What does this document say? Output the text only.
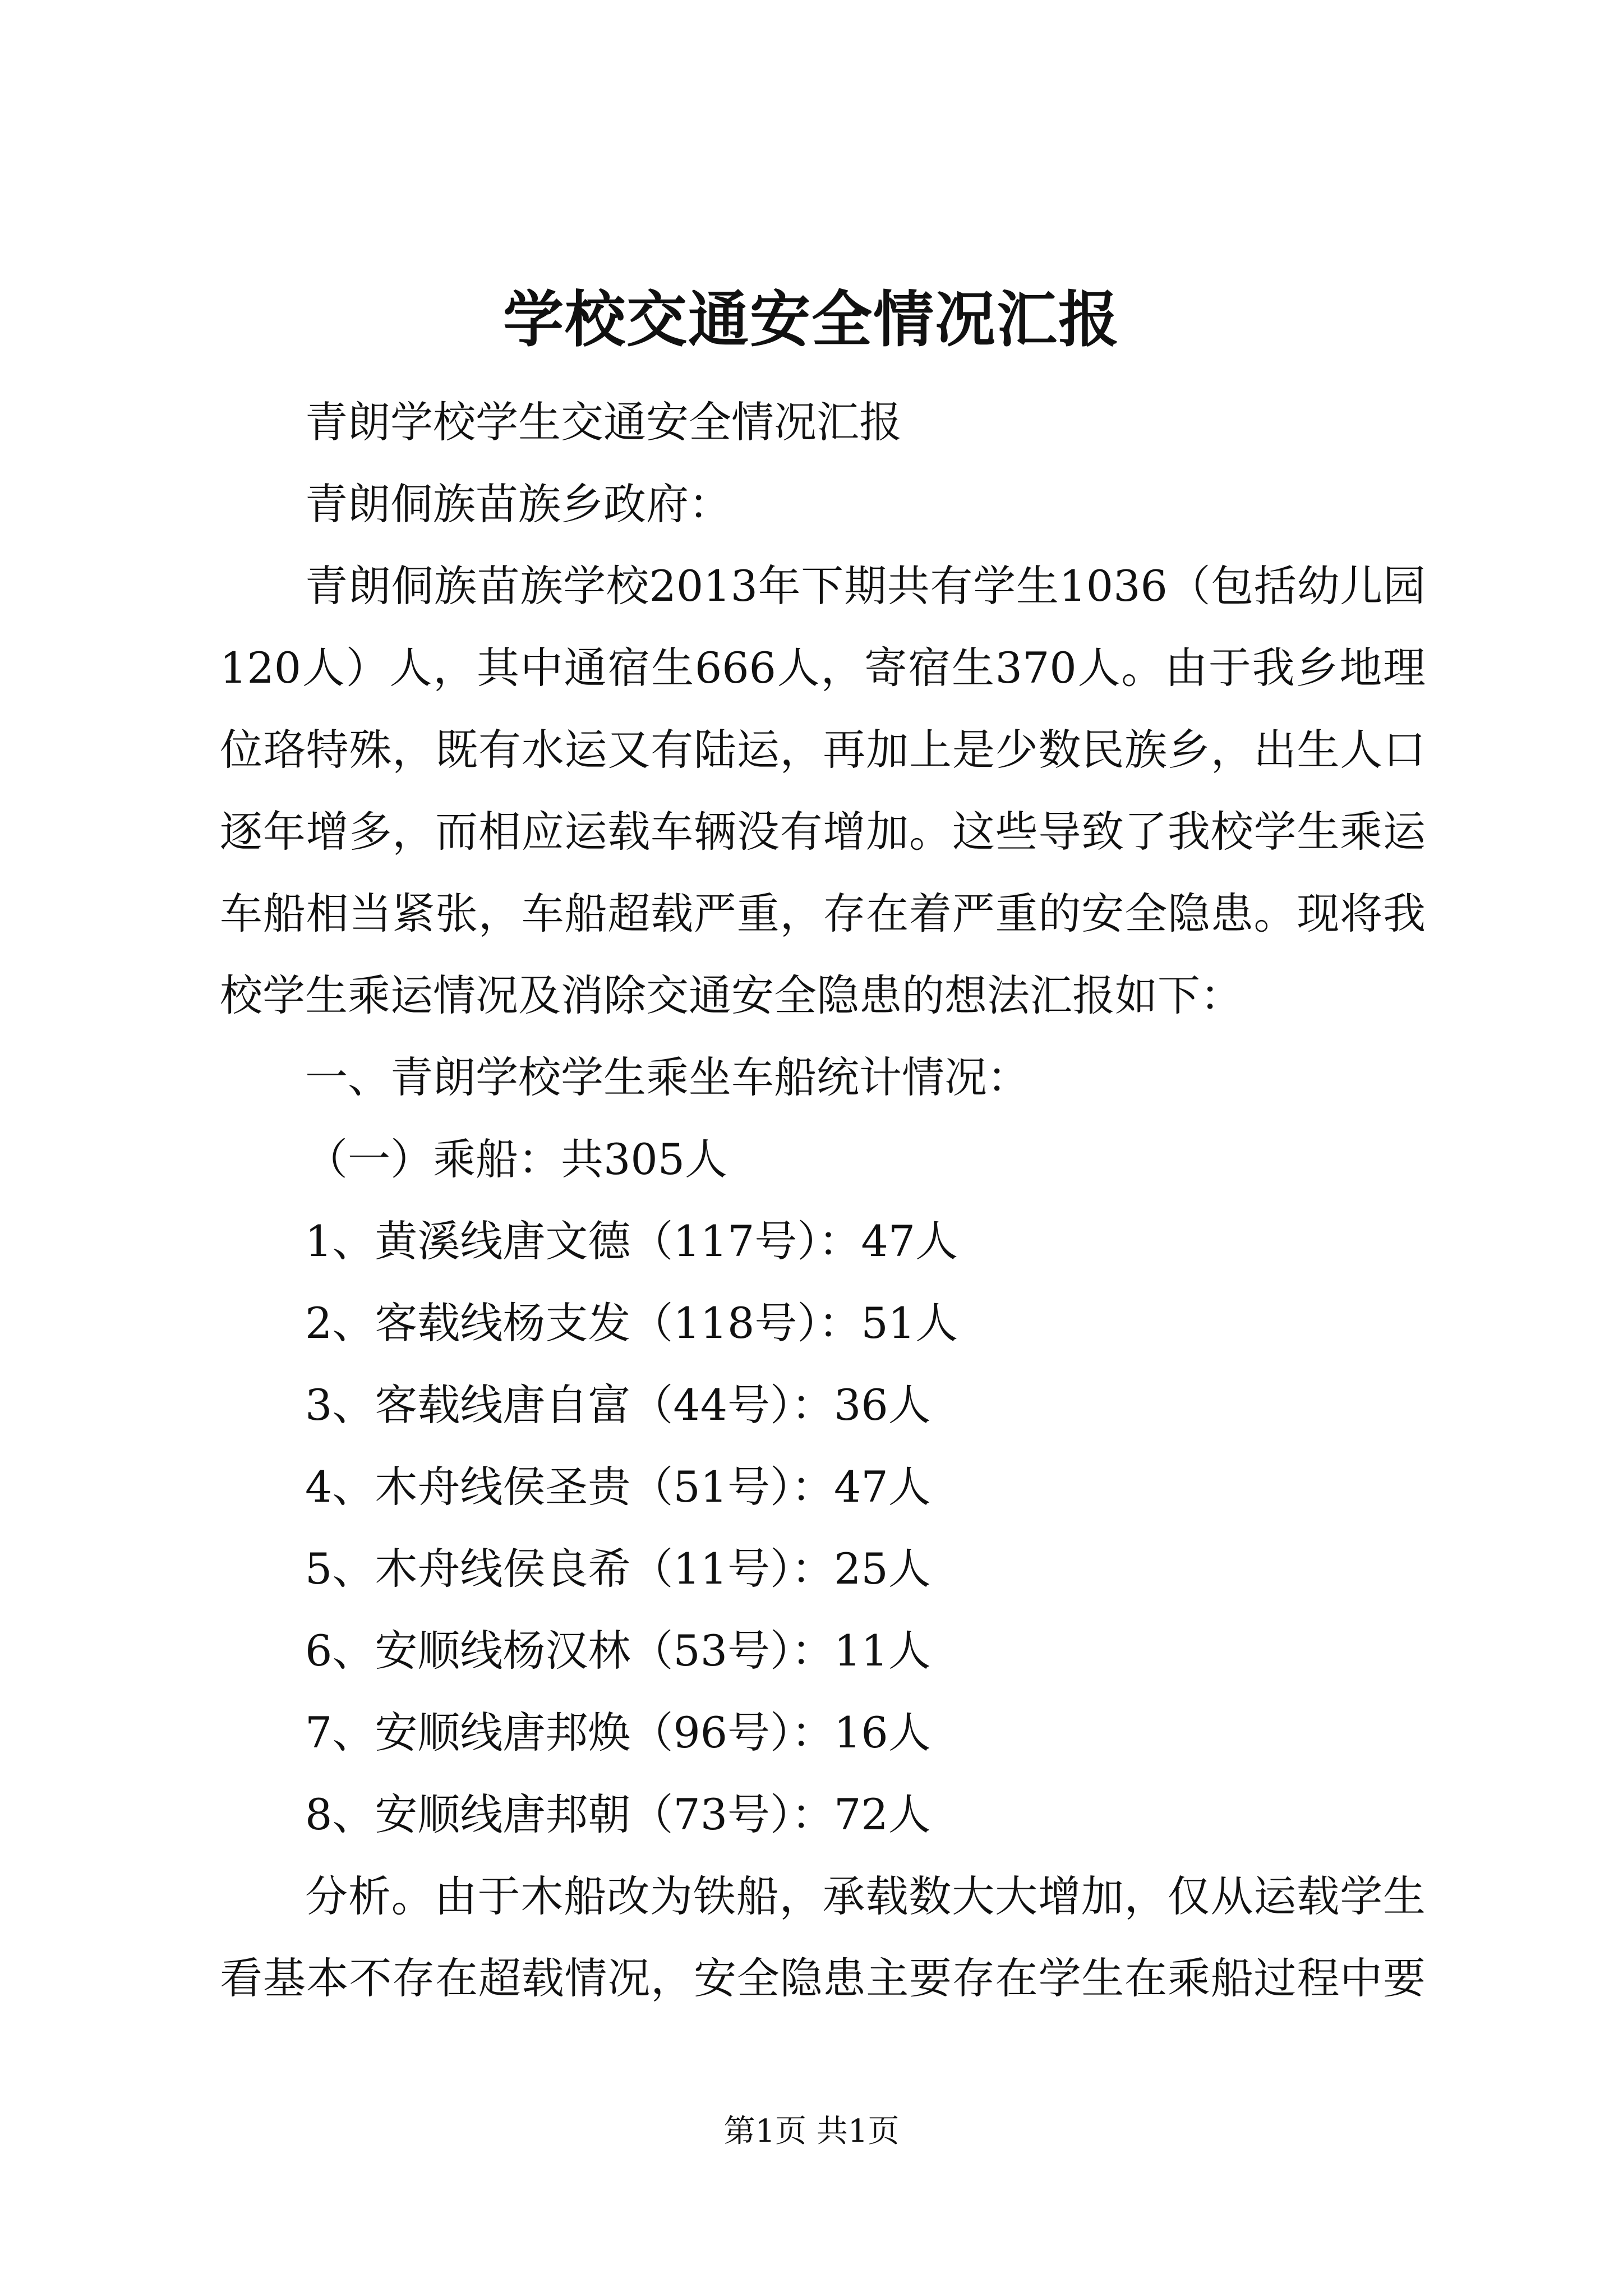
学校交通安全情况汇报
青朗学校学生交通安全情况汇报
青朗侗族苗族乡政府：
青朗侗族苗族学校2013年下期共有学生1036（包括幼儿园
120人）人，其中通宿生666人，寄宿生370人。由于我乡地理
位珞特殊，既有水运又有陆运，再加上是少数民族乡，出生人口
逐年增多，而相应运载车辆没有增加。这些导致了我校学生乘运
车船相当紧张，车船超载严重，存在着严重的安全隐患。现将我
校学生乘运情况及消除交通安全隐患的想法汇报如下：
一、青朗学校学生乘坐车船统计情况：
（一）乘船：共305人
1、黄溪线唐文德（117号）：47人
2、客载线杨支发（118号）：51人
3、客载线唐自富（44号）：36人
4、木舟线侯圣贵（51号）：47人
5、木舟线侯良希（11号）：25人
6、安顺线杨汉林（53号）：11人
7、安顺线唐邦焕（96号）：16人
8、安顺线唐邦朝（73号）：72人
分析。由于木船改为铁船，承载数大大增加，仅从运载学生
看基本不存在超载情况，安全隐患主要存在学生在乘船过程中要
第1页 共1页
